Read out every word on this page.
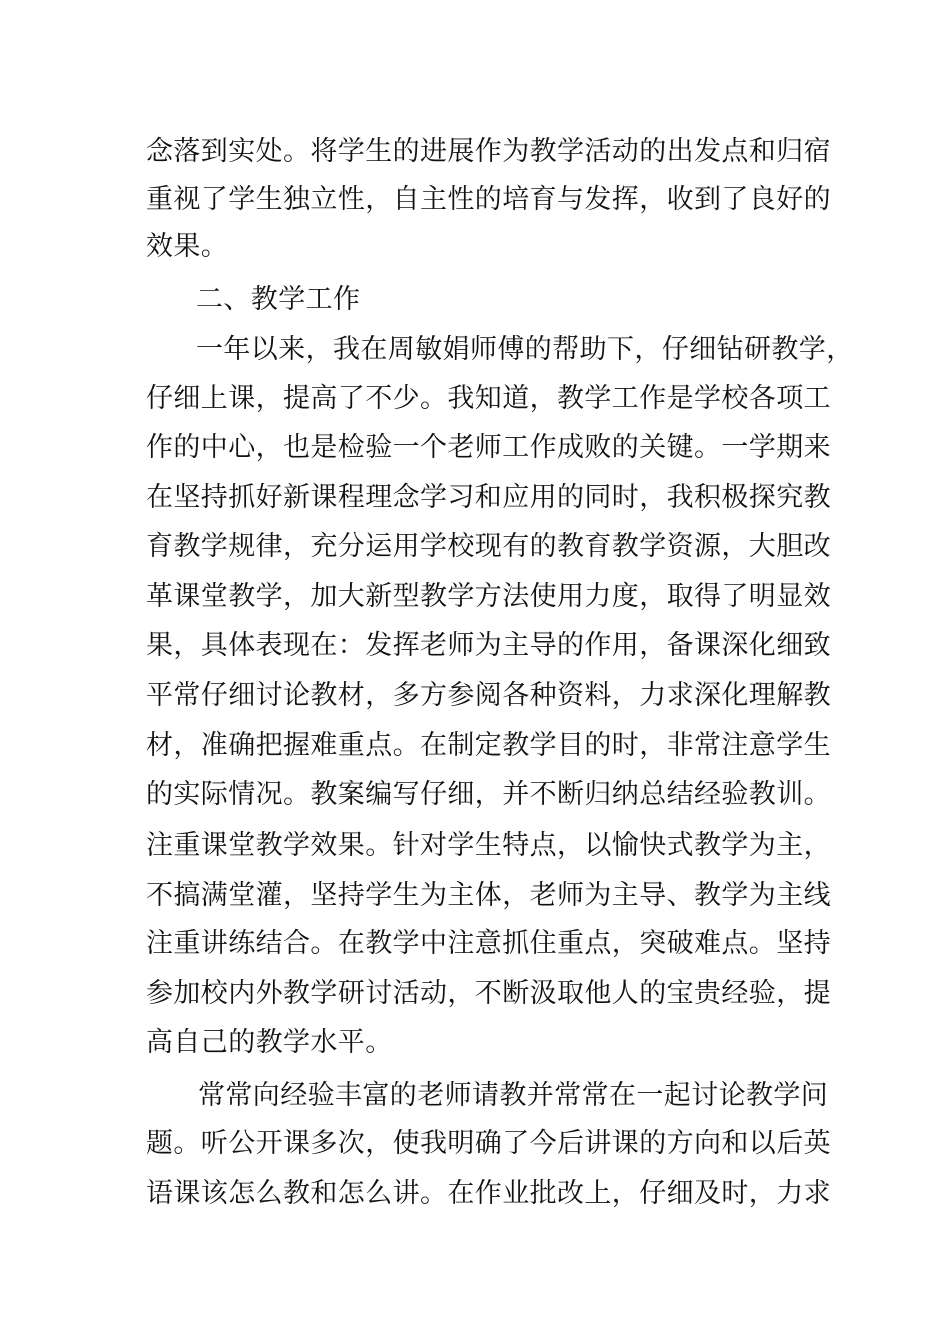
念落到实处。将学生的进展作为教学活动的出发点和归宿
重视了学生独立性，自主性的培育与发挥，收到了良好的
效果。
二、教学工作
一年以来，我在周敏娟师傅的帮助下，仔细钻研教学，
仔细上课，提高了不少。我知道，教学工作是学校各项工
作的中心，也是检验一个老师工作成败的关键。一学期来
在坚持抓好新课程理念学习和应用的同时，我积极探究教
育教学规律，充分运用学校现有的教育教学资源，大胆改
革课堂教学，加大新型教学方法使用力度，取得了明显效
果，具体表现在：发挥老师为主导的作用，备课深化细致
平常仔细讨论教材，多方参阅各种资料，力求深化理解教
材，准确把握难重点。在制定教学目的时，非常注意学生
的实际情况。教案编写仔细，并不断归纳总结经验教训。
注重课堂教学效果。针对学生特点，以愉快式教学为主，
不搞满堂灌，坚持学生为主体，老师为主导、教学为主线
注重讲练结合。在教学中注意抓住重点，突破难点。坚持
参加校内外教学研讨活动，不断汲取他人的宝贵经验，提
高自己的教学水平。
常常向经验丰富的老师请教并常常在一起讨论教学问
题。听公开课多次，使我明确了今后讲课的方向和以后英
语课该怎么教和怎么讲。在作业批改上，仔细及时，力求
